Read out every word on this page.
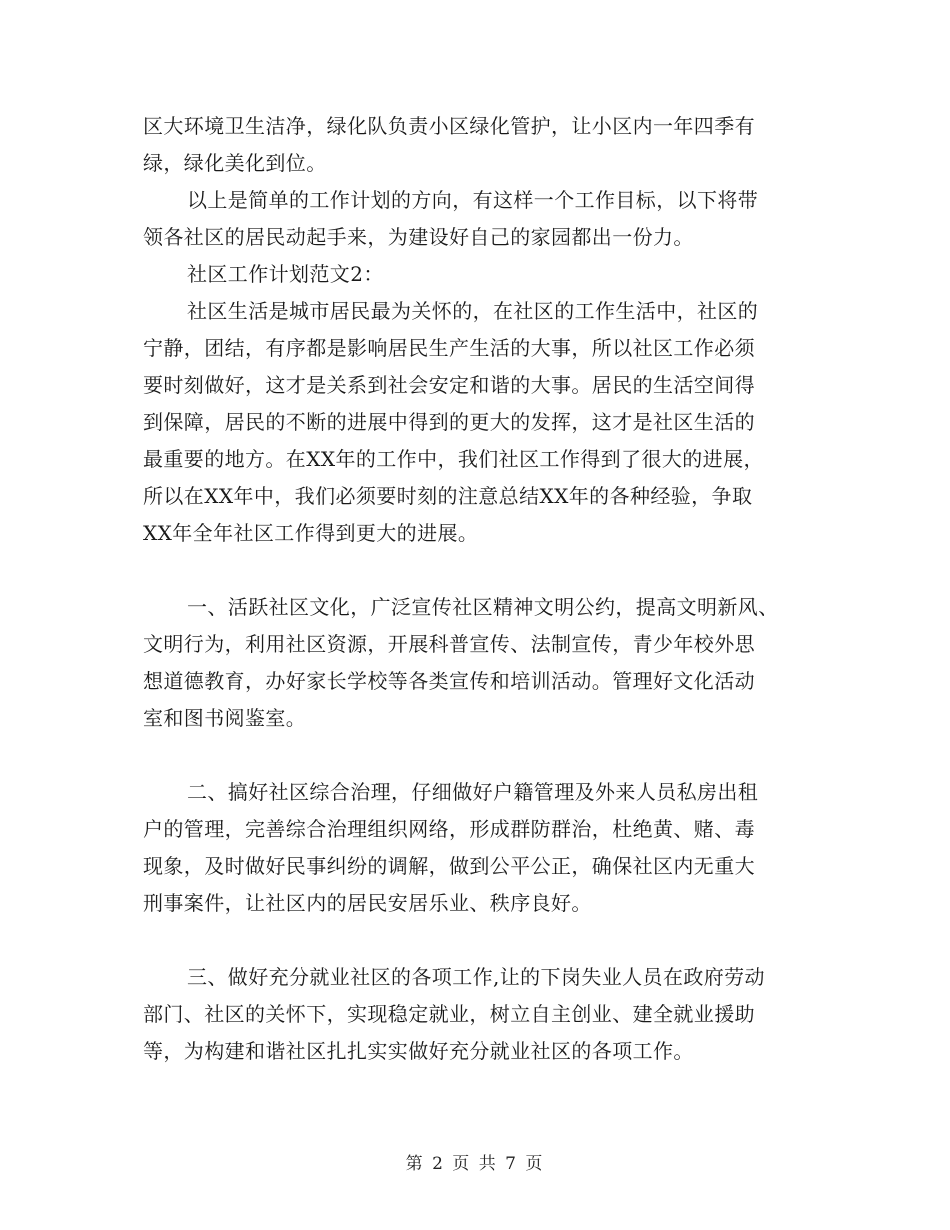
区大环境卫生洁净，绿化队负责小区绿化管护，让小区内一年四季有
绿，绿化美化到位。
以上是简单的工作计划的方向，有这样一个工作目标，以下将带
领各社区的居民动起手来，为建设好自己的家园都出一份力。
社区工作计划范文2：
社区生活是城市居民最为关怀的，在社区的工作生活中，社区的
宁静，团结，有序都是影响居民生产生活的大事，所以社区工作必须
要时刻做好，这才是关系到社会安定和谐的大事。居民的生活空间得
到保障，居民的不断的进展中得到的更大的发挥，这才是社区生活的
最重要的地方。在XX年的工作中，我们社区工作得到了很大的进展，
所以在XX年中，我们必须要时刻的注意总结XX年的各种经验，争取
XX年全年社区工作得到更大的进展。
一、活跃社区文化，广泛宣传社区精神文明公约，提高文明新风、
文明行为，利用社区资源，开展科普宣传、法制宣传，青少年校外思
想道德教育，办好家长学校等各类宣传和培训活动。管理好文化活动
室和图书阅鉴室。
二、搞好社区综合治理，仔细做好户籍管理及外来人员私房出租
户的管理，完善综合治理组织网络，形成群防群治，杜绝黄、赌、毒
现象，及时做好民事纠纷的调解，做到公平公正，确保社区内无重大
刑事案件，让社区内的居民安居乐业、秩序良好。
三、做好充分就业社区的各项工作,让的下岗失业人员在政府劳动
部门、社区的关怀下，实现稳定就业，树立自主创业、建全就业援助
等，为构建和谐社区扎扎实实做好充分就业社区的各项工作。
第 2 页 共 7 页
